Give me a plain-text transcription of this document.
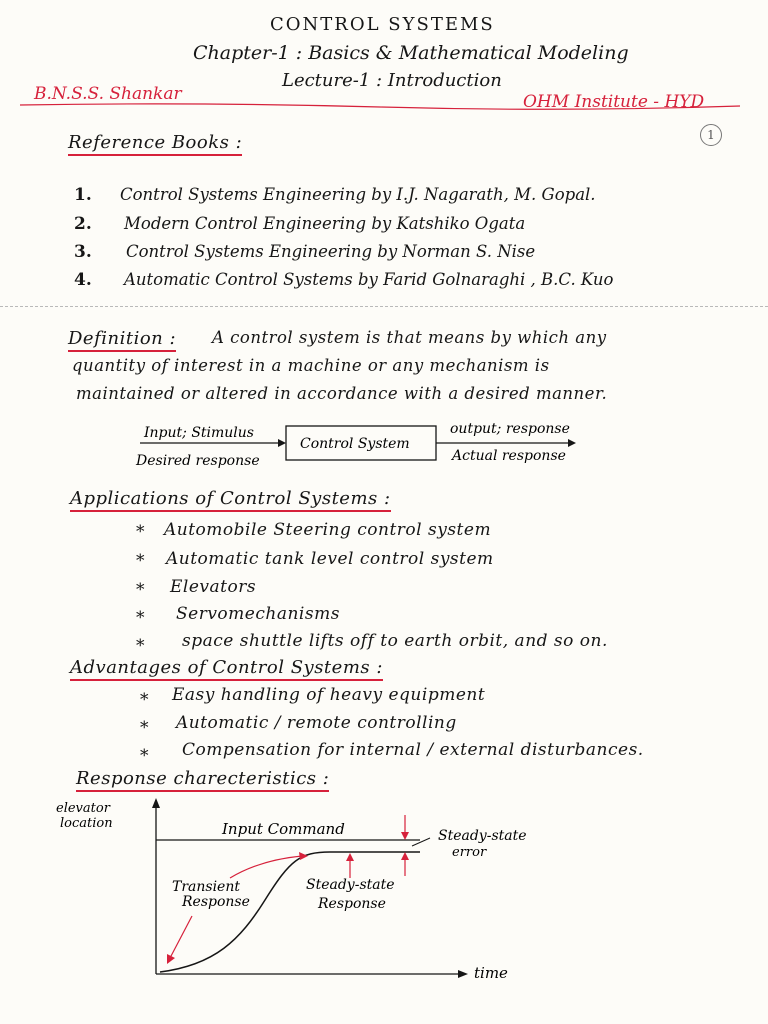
CONTROL SYSTEMS
Chapter-1 : Basics & Mathematical Modeling
Lecture-1 : Introduction
B.N.S.S. Shankar	OHM Institute - HYD
1
Reference Books :
1. Control Systems Engineering by I.J. Nagarath, M. Gopal.
2. Modern Control Engineering by Katshiko Ogata
3. Control Systems Engineering by Norman S. Nise
4. Automatic Control Systems by Farid Golnaraghi , B.C. Kuo
Definition : A control system is that means by which any
quantity of interest in a machine or any mechanism is
maintained or altered in accordance with a desired manner.
Control System
Input; Stimulus
Desired response
output; response
Actual response
Applications of Control Systems :
* Automobile Steering control system
* Automatic tank level control system
* Elevators
* Servomechanisms
* space shuttle lifts off to earth orbit, and so on.
Advantages of Control Systems :
* Easy handling of heavy equipment
* Automatic / remote controlling
* Compensation for internal / external disturbances.
Response charecteristics :
elevator
location
time
Input Command	Steady-state
error
Transient
Response
Steady-state
Response
